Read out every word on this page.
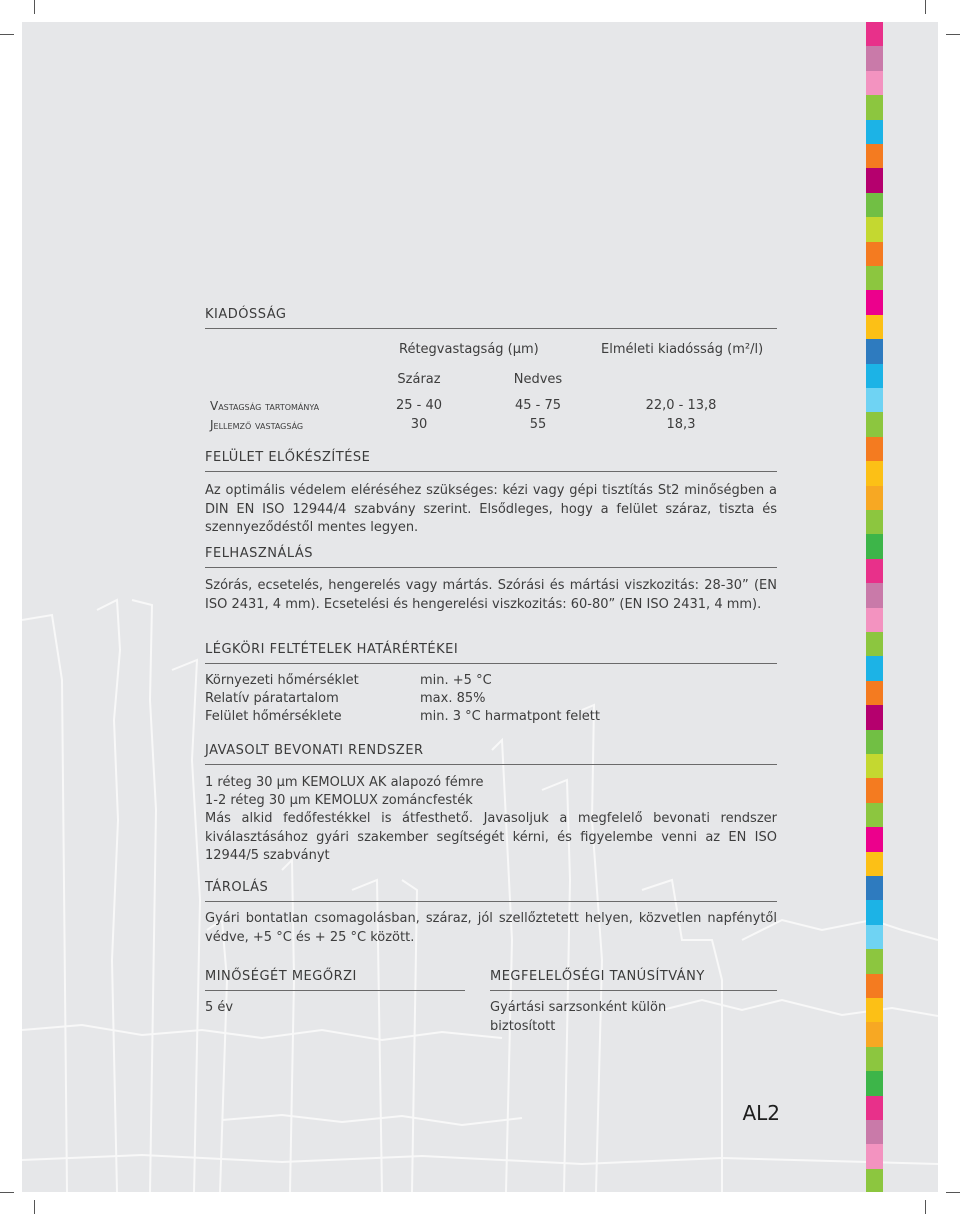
KIADÓSSÁG
Rétegvastagság (µm)	Elméleti kiadósság (m²/l)
Száraz	Nedves
Vastagság tartománya	25 - 40	45 - 75	22,0 - 13,8
Jellemző vastagság	30	55	18,3
FELÜLET ELŐKÉSZÍTÉSE
Az optimális védelem eléréséhez szükséges: kézi vagy gépi tisztítás St2 minőségben a DIN EN ISO 12944/4 szabvány szerint. Elsődleges, hogy a felület száraz, tiszta és szennyeződéstől mentes legyen.
FELHASZNÁLÁS
Szórás, ecsetelés, hengerelés vagy mártás. Szórási és mártási viszkozitás: 28-30” (EN ISO 2431, 4 mm). Ecsetelési és hengerelési viszkozitás: 60-80” (EN ISO 2431, 4 mm).
LÉGKÖRI FELTÉTELEK HATÁRÉRTÉKEI
Környezeti hőmérséklet	min. +5 °C
Relatív páratartalom	max. 85%
Felület hőmérséklete	min. 3 °C harmatpont felett
JAVASOLT BEVONATI RENDSZER
1 réteg 30 µm KEMOLUX AK alapozó fémre
1-2 réteg 30 µm KEMOLUX zománcfesték
Más alkid fedőfestékkel is átfesthető. Javasoljuk a megfelelő bevonati rendszer kiválasztásához gyári szakember segítségét kérni, és figyelembe venni az EN ISO 12944/5 szabványt
TÁROLÁS
Gyári bontatlan csomagolásban, száraz, jól szellőztetett helyen, közvetlen napfénytől védve, +5 °C és + 25 °C között.
MINŐSÉGÉT MEGŐRZI
5 év
MEGFELELŐSÉGI TANÚSÍTVÁNY
Gyártási sarzsonként külön biztosított
AL2
